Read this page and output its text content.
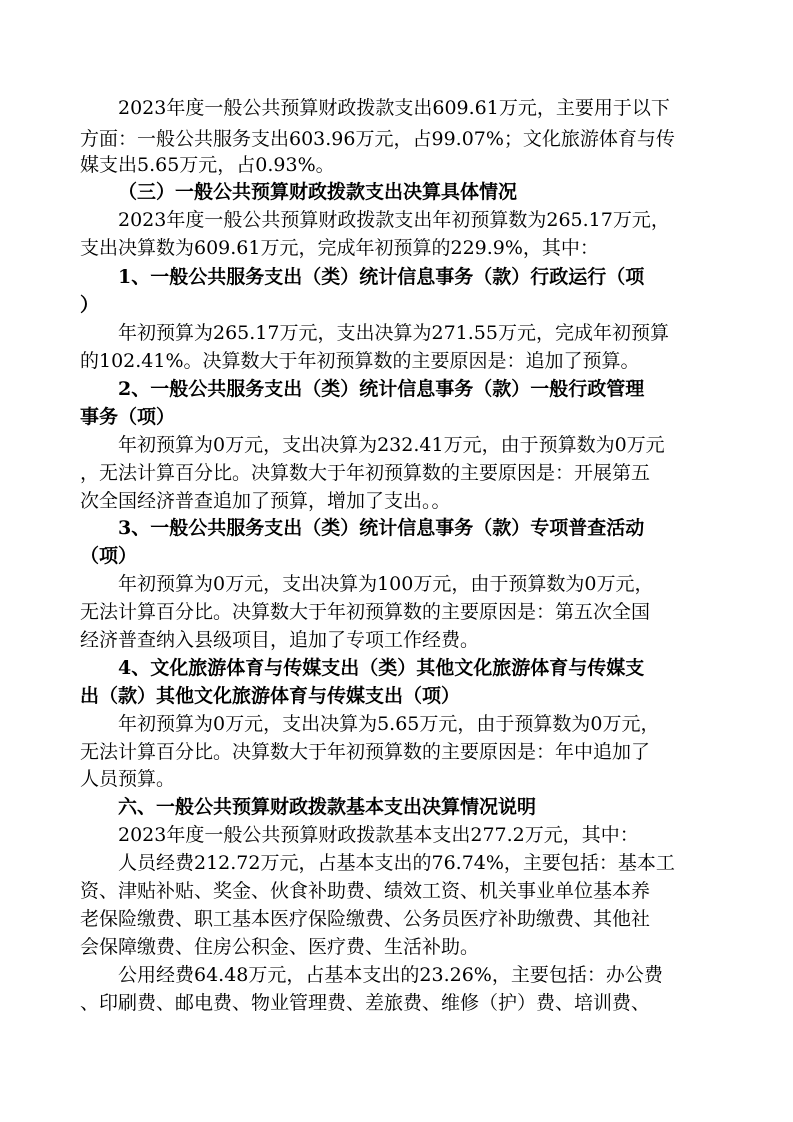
2023年度一般公共预算财政拨款支出609.61万元，主要用于以下
方面：一般公共服务支出603.96万元，占99.07%；文化旅游体育与传
媒支出5.65万元，占0.93%。
（三）一般公共预算财政拨款支出决算具体情况
2023年度一般公共预算财政拨款支出年初预算数为265.17万元，
支出决算数为609.61万元，完成年初预算的229.9%，其中：
1、一般公共服务支出（类）统计信息事务（款）行政运行（项
）
年初预算为265.17万元，支出决算为271.55万元，完成年初预算
的102.41%。决算数大于年初预算数的主要原因是：追加了预算。
2、一般公共服务支出（类）统计信息事务（款）一般行政管理
事务（项）
年初预算为0万元，支出决算为232.41万元，由于预算数为0万元
，无法计算百分比。决算数大于年初预算数的主要原因是：开展第五
次全国经济普查追加了预算，增加了支出。。
3、一般公共服务支出（类）统计信息事务（款）专项普查活动
（项）
年初预算为0万元，支出决算为100万元，由于预算数为0万元，
无法计算百分比。决算数大于年初预算数的主要原因是：第五次全国
经济普查纳入县级项目，追加了专项工作经费。
4、文化旅游体育与传媒支出（类）其他文化旅游体育与传媒支
出（款）其他文化旅游体育与传媒支出（项）
年初预算为0万元，支出决算为5.65万元，由于预算数为0万元，
无法计算百分比。决算数大于年初预算数的主要原因是：年中追加了
人员预算。
六、一般公共预算财政拨款基本支出决算情况说明
2023年度一般公共预算财政拨款基本支出277.2万元，其中：
人员经费212.72万元，占基本支出的76.74%，主要包括：基本工
资、津贴补贴、奖金、伙食补助费、绩效工资、机关事业单位基本养
老保险缴费、职工基本医疗保险缴费、公务员医疗补助缴费、其他社
会保障缴费、住房公积金、医疗费、生活补助。
公用经费64.48万元，占基本支出的23.26%，主要包括：办公费
、印刷费、邮电费、物业管理费、差旅费、维修（护）费、培训费、
